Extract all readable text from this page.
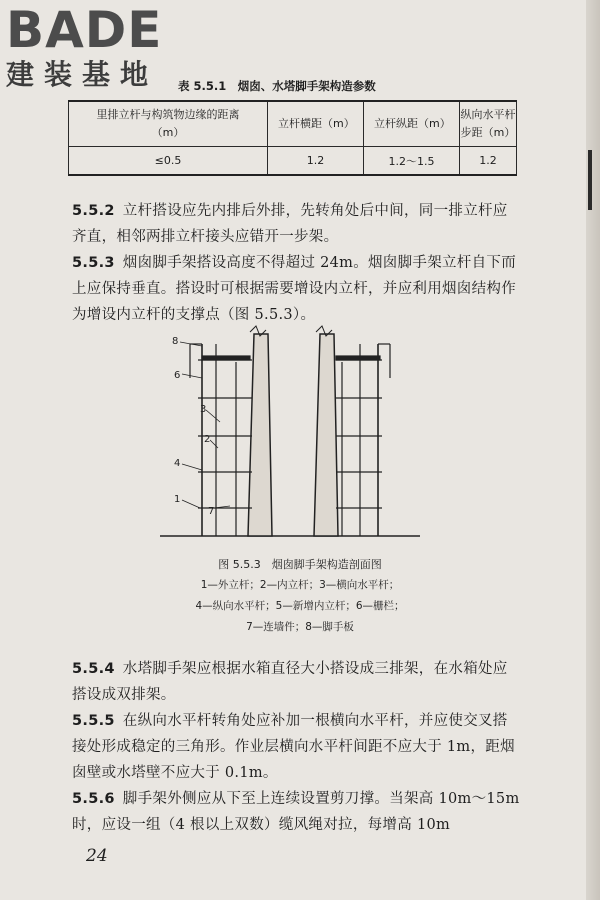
BADE
建装基地	表 5.5.1　烟囱、水塔脚手架构造参数
里排立杆与构筑物边缘的距离（m）	立杆横距（m）	立杆纵距（m）	纵向水平杆步距（m）
≤0.5	1.2	1.2～1.5	1.2
5.5.2 立杆搭设应先内排后外排，先转角处后中间，同一排立杆应齐直，相邻两排立杆接头应错开一步架。
5.5.3 烟囱脚手架搭设高度不得超过 24m。烟囱脚手架立杆自下而上应保持垂直。搭设时可根据需要增设内立杆，并应利用烟囱结构作为增设内立杆的支撑点（图 5.5.3）。
8
6
3
2
4
1
7
图 5.5.3　烟囱脚手架构造剖面图
1—外立杆；2—内立杆；3—横向水平杆；
4—纵向水平杆；5—新增内立杆；6—栅栏；
7—连墙件；8—脚手板
5.5.4 水塔脚手架应根据水箱直径大小搭设成三排架，在水箱处应搭设成双排架。
5.5.5 在纵向水平杆转角处应补加一根横向水平杆，并应使交叉搭接处形成稳定的三角形。作业层横向水平杆间距不应大于 1m，距烟囱壁或水塔壁不应大于 0.1m。
5.5.6 脚手架外侧应从下至上连续设置剪刀撑。当架高 10m～15m 时，应设一组（4 根以上双数）缆风绳对拉，每增高 10m
24
